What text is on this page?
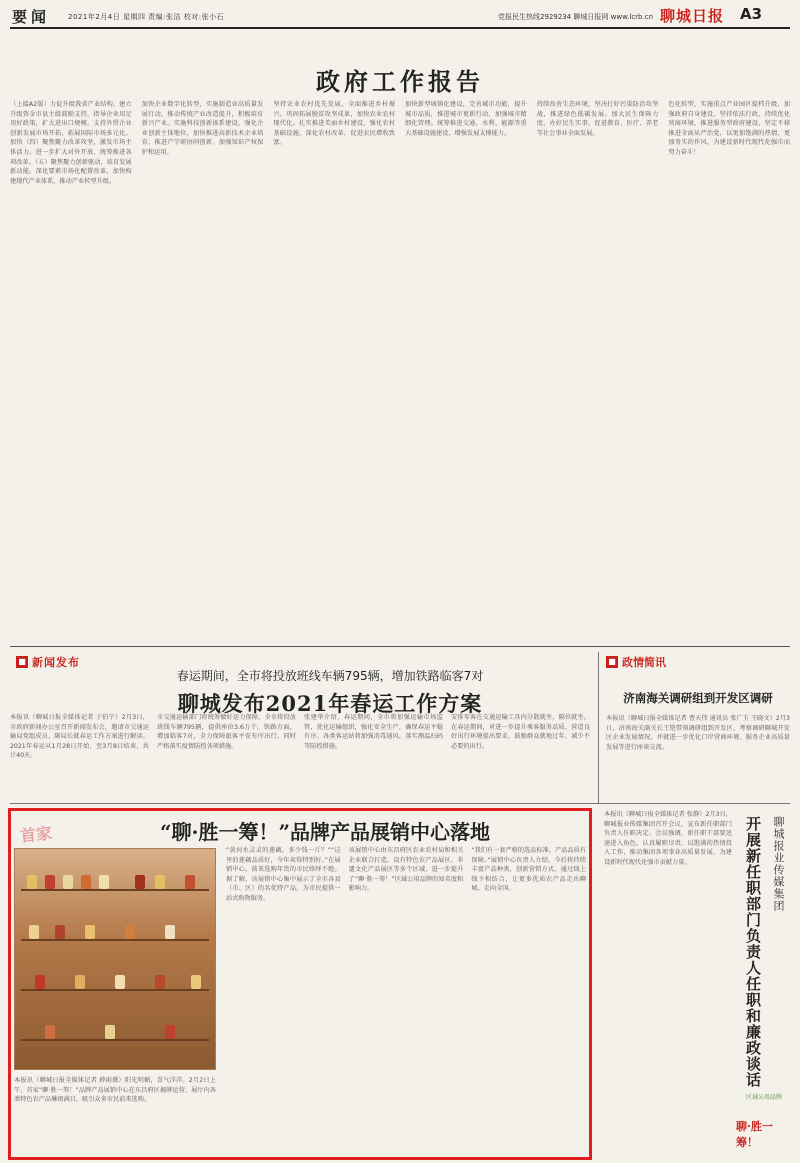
要闻	2021年2月4日 星期四 责编:张洁 校对:张小石	党报民生热线2929234 聊城日报网 www.lcrb.cn 聊城日报 A3
政府工作报告
（上接A2版）力促升级我省产业结构，建立升级资金市县主级鼓励支持，指导企业用足用好政策，扩大进出口规模。支持外贸企业创新发展市场开拓，拓展国际市场多元化。加快（四）聚焦聚力改革攻坚，激发市场主体活力。进一步扩大对外开放，统筹推进各项改革。（五）聚焦聚力创新驱动，培育发展新动能。深化要素市场化配置改革，加快构建现代产业体系，推动产业转型升级。
加快企业数字化转型，实施制造业高质量发展行动，推动传统产业改造提升，积极培育新兴产业。实施科技创新体系建设，强化企业创新主体地位，加快推进高新技术企业培育，推进产学研协同创新，加强知识产权保护和运用。
坚持农业农村优先发展，全面推进乡村振兴，巩固拓展脱贫攻坚成果，加快农业农村现代化。扎实推进美丽乡村建设，强化农村基础设施，深化农村改革，促进农民增收致富。
加快新型城镇化建设，完善城市功能，提升城市品质，推进城市更新行动，加强城市精细化管理。统筹推进交通、水利、能源等重大基础设施建设，增强发展支撑能力。
持续改善生态环境，坚决打好污染防治攻坚战，推进绿色低碳发展。加大民生保障力度，办好民生实事，促进教育、医疗、养老等社会事业全面发展。
色化转型，实施重点产业园区提档升级，加强政府自身建设，坚持依法行政，持续优化营商环境，推进服务型政府建设，坚定不移推进全面从严治党，以更加饱满的热情、更加务实的作风，为建设新时代现代化强市而努力奋斗！
■ 新闻发布
春运期间，全市将投放班线车辆795辆，增加铁路临客7对
聊城发布2021年春运工作方案
本报讯（聊城日报全媒体记者 于伯宁）2月3日，市政府新闻办公室召开新闻发布会，邀请市交通运输局党组成员、副局长就春运工作方案进行解读。2021年春运从1月28日开始，至3月8日结束，共计40天。
市交通运输部门将统筹做好运力保障，全市将投放班线车辆795辆，提供座位3.6万个。铁路方面，增加临客7对，全力保障旅客平安有序出行。同时严格落实疫情防控各项措施。
张建华介绍，春运期间，全市将加强运输市场监管，优化运输组织，强化安全生产，确保春运平稳有序。各类客运站将加强消毒通风，落实测温扫码等防控措施。
安排零客在交通运输工具内分散就坐，隔位就坐。在春运期间，对进一步提升乘客服务品质、营造良好出行环境提出要求，鼓励群众就地过年，减少不必要的出行。
■ 政情简讯
济南海关调研组到开发区调研
本报讯（聊城日报全媒体记者 曹天伟 通讯员 张广玉 王晓文）2月3日，济南海关副关长王铠带领调研组到开发区，考察调研聊城开发区企业发展情况，并就进一步优化口岸营商环境、服务企业高质量发展等进行座谈交流。
首家	“聊·胜一筹！”品牌产品展销中心落地
本报讯（聊城日报全媒体记者 薛雨薇）阳光明媚，喜气洋洋。2月2日上午，首家“聊·胜一筹！”品牌产品展销中心在东昌府区揭牌运营，展厅内各类特色农产品琳琅满目，吸引众多市民前来选购。
“黄河水灵灵的莲藕，多少钱一斤？”“这里的莲藕品质好，今年卖得特别好。”在展销中心，前来选购年货的市民络绎不绝。据了解，该展销中心集中展示了全市各县（市、区）的名优特产品，为市民提供一站式购物服务。
该展销中心由东昌府区农业农村局和相关企业联合打造，设有特色农产品展区、非遗文化产品展区等多个区域，进一步提升了“聊·胜一筹！”区域公用品牌的知名度和影响力。
“我们有一套严格的选品标准，产品品质有保障。”展销中心负责人介绍，今后将持续丰富产品种类，创新营销方式，通过线上线下相结合，让更多优质农产品走出聊城、走向全国。
本报讯（聊城日报全媒体记者 张静）2月3日，聊城报业传媒集团召开会议，宣布新任职部门负责人任职决定。会议强调，新任职干部要迅速进入角色，认真履职尽责，以饱满的热情投入工作，推动集团各项事业高质量发展，为建设新时代现代化强市贡献力量。	开展新任职部门负责人任职和廉政谈话 聊城报业传媒集团
区域公用品牌
聊·胜一筹！
